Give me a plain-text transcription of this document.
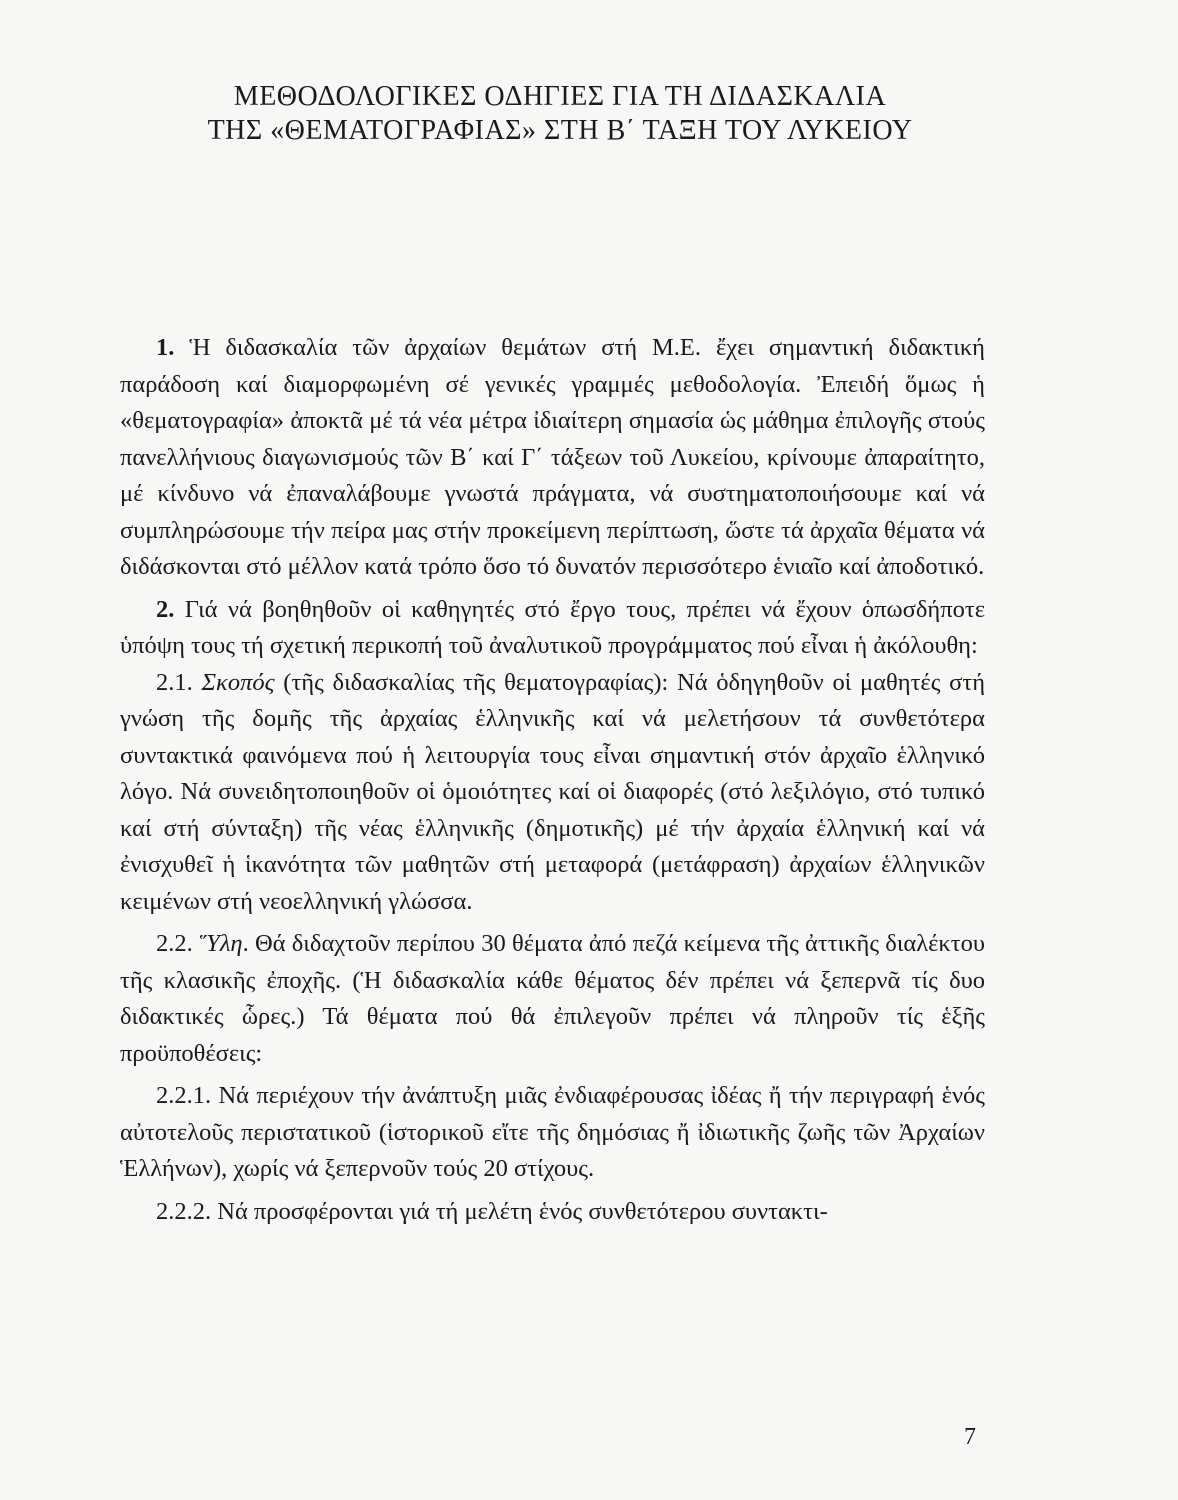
ΜΕΘΟΔΟΛΟΓΙΚΕΣ ΟΔΗΓΙΕΣ ΓΙΑ ΤΗ ΔΙΔΑΣΚΑΛΙΑ
ΤΗΣ «ΘΕΜΑΤΟΓΡΑΦΙΑΣ» ΣΤΗ Β΄ ΤΑΞΗ ΤΟΥ ΛΥΚΕΙΟΥ

1. Ἡ διδασκαλία τῶν ἀρχαίων θεμάτων στή Μ.Ε. ἔχει σημαντική διδακτική παράδοση καί διαμορφωμένη σέ γενικές γραμμές μεθοδολογία. Ἐπειδή ὅμως ἡ «θεματογραφία» ἀποκτᾶ μέ τά νέα μέτρα ἰδιαίτερη σημασία ὡς μάθημα ἐπιλογῆς στούς πανελλήνιους διαγωνισμούς τῶν Β΄ καί Γ΄ τάξεων τοῦ Λυκείου, κρίνουμε ἀπαραίτητο, μέ κίνδυνο νά ἐπαναλάβουμε γνωστά πράγματα, νά συστηματοποιήσουμε καί νά συμπληρώσουμε τήν πείρα μας στήν προκείμενη περίπτωση, ὥστε τά ἀρχαῖα θέματα νά διδάσκονται στό μέλλον κατά τρόπο ὅσο τό δυνατόν περισσότερο ἑνιαῖο καί ἀποδοτικό.

2. Γιά νά βοηθηθοῦν οἱ καθηγητές στό ἔργο τους, πρέπει νά ἔχουν ὁπωσδήποτε ὑπόψη τους τή σχετική περικοπή τοῦ ἀναλυτικοῦ προγράμματος πού εἶναι ἡ ἀκόλουθη:

2.1. Σκοπός (τῆς διδασκαλίας τῆς θεματογραφίας): Νά ὁδηγηθοῦν οἱ μαθητές στή γνώση τῆς δομῆς τῆς ἀρχαίας ἑλληνικῆς καί νά μελετήσουν τά συνθετότερα συντακτικά φαινόμενα πού ἡ λειτουργία τους εἶναι σημαντική στόν ἀρχαῖο ἑλληνικό λόγο. Νά συνειδητοποιηθοῦν οἱ ὁμοιότητες καί οἱ διαφορές (στό λεξιλόγιο, στό τυπικό καί στή σύνταξη) τῆς νέας ἑλληνικῆς (δημοτικῆς) μέ τήν ἀρχαία ἑλληνική καί νά ἐνισχυθεῖ ἡ ἱκανότητα τῶν μαθητῶν στή μεταφορά (μετάφραση) ἀρχαίων ἑλληνικῶν κειμένων στή νεοελληνική γλώσσα.

2.2. Ὕλη. Θά διδαχτοῦν περίπου 30 θέματα ἀπό πεζά κείμενα τῆς ἀττικῆς διαλέκτου τῆς κλασικῆς ἐποχῆς. (Ἡ διδασκαλία κάθε θέματος δέν πρέπει νά ξεπερνᾶ τίς δυο διδακτικές ὧρες.) Τά θέματα πού θά ἐπιλεγοῦν πρέπει νά πληροῦν τίς ἑξῆς προϋποθέσεις:

2.2.1. Νά περιέχουν τήν ἀνάπτυξη μιᾶς ἐνδιαφέρουσας ἰδέας ἤ τήν περιγραφή ἑνός αὐτοτελοῦς περιστατικοῦ (ἱστορικοῦ εἴτε τῆς δημόσιας ἤ ἰδιωτικῆς ζωῆς τῶν Ἀρχαίων Ἑλλήνων), χωρίς νά ξεπερνοῦν τούς 20 στίχους.

2.2.2. Νά προσφέρονται γιά τή μελέτη ἑνός συνθετότερου συντακτι-

7
